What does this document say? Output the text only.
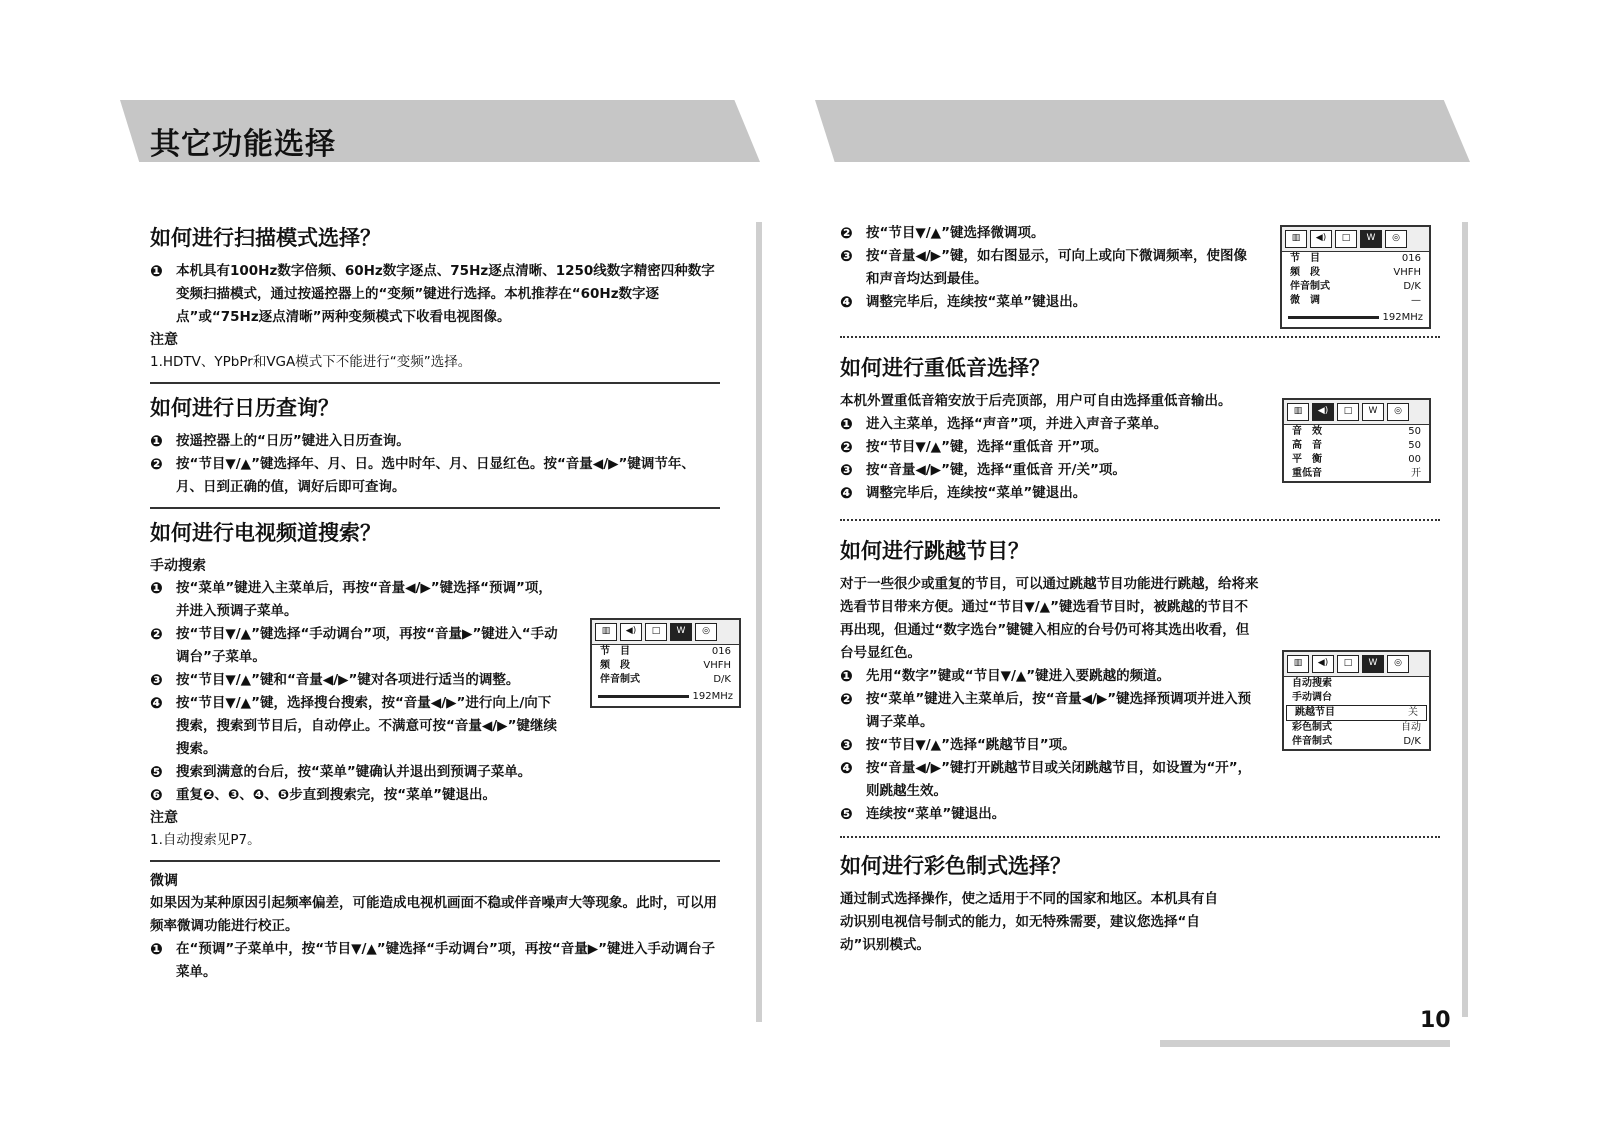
其它功能选择
如何进行扫描模式选择？
❶ 本机具有100Hz数字倍频、60Hz数字逐点、75Hz逐点清晰、1250线数字精密四种数字变频扫描模式，通过按遥控器上的“变频”键进行选择。本机推荐在“60Hz数字逐点”或“75Hz逐点清晰”两种变频模式下收看电视图像。
注意
1.HDTV、YPbPr和VGA模式下不能进行“变频”选择。
如何进行日历查询？
❶ 按遥控器上的“日历”键进入日历查询。
❷ 按“节目▼/▲”键选择年、月、日。选中时年、月、日显红色。按“音量◀/▶”键调节年、月、日到正确的值，调好后即可查询。
如何进行电视频道搜索？
手动搜索
❶ 按“菜单”键进入主菜单后，再按“音量◀/▶”键选择“预调”项，并进入预调子菜单。
❷ 按“节目▼/▲”键选择“手动调台”项，再按“音量▶”键进入“手动调台”子菜单。
❸ 按“节目▼/▲”键和“音量◀/▶”键对各项进行适当的调整。
❹ 按“节目▼/▲”键，选择搜台搜索，按“音量◀/▶”进行向上/向下搜索，搜索到节目后，自动停止。不满意可按“音量◀/▶”键继续搜索。
❺ 搜索到满意的台后，按“菜单”键确认并退出到预调子菜单。
❻ 重复❷、❸、❹、❺步直到搜索完，按“菜单”键退出。
注意
1.自动搜索见P7。
微调
如果因为某种原因引起频率偏差，可能造成电视机画面不稳或伴音噪声大等现象。此时，可以用频率微调功能进行校正。
❶ 在“预调”子菜单中，按“节目▼/▲”键选择“手动调台”项，再按“音量▶”键进入手动调台子菜单。
▥	◀)	□	W	◎
节　目	016
频　段	VHFH
伴音制式	D/K
192MHz
❷ 按“节目▼/▲”键选择微调项。
❸ 按“音量◀/▶”键，如右图显示，可向上或向下微调频率，使图像和声音均达到最佳。
❹ 调整完毕后，连续按“菜单”键退出。
如何进行重低音选择？
本机外置重低音箱安放于后壳顶部，用户可自由选择重低音输出。
❶ 进入主菜单，选择“声音”项，并进入声音子菜单。
❷ 按“节目▼/▲”键，选择“重低音 开”项。
❸ 按“音量◀/▶”键，选择“重低音 开/关”项。
❹ 调整完毕后，连续按“菜单”键退出。
如何进行跳越节目？
对于一些很少或重复的节目，可以通过跳越节目功能进行跳越，给将来选看节目带来方便。通过“节目▼/▲”键选看节目时，被跳越的节目不再出现，但通过“数字选台”键键入相应的台号仍可将其选出收看，但台号显红色。
❶ 先用“数字”键或“节目▼/▲”键进入要跳越的频道。
❷ 按“菜单”键进入主菜单后，按“音量◀/▶”键选择预调项并进入预调子菜单。
❸ 按“节目▼/▲”选择“跳越节目”项。
❹ 按“音量◀/▶”键打开跳越节目或关闭跳越节目，如设置为“开”，则跳越生效。
❺ 连续按“菜单”键退出。
如何进行彩色制式选择？
通过制式选择操作，使之适用于不同的国家和地区。本机具有自动识别电视信号制式的能力，如无特殊需要，建议您选择“自动”识别模式。
▥	◀)	□	W	◎
节　目	016
频　段	VHFH
伴音制式	D/K
微　调	—
192MHz
▥	◀)	□	W	◎
音　效	50
高　音	50
平　衡	00
重低音	开
▥	◀)	□	W	◎
自动搜索
手动调台
跳越节目	关
彩色制式	自动
伴音制式	D/K
10
